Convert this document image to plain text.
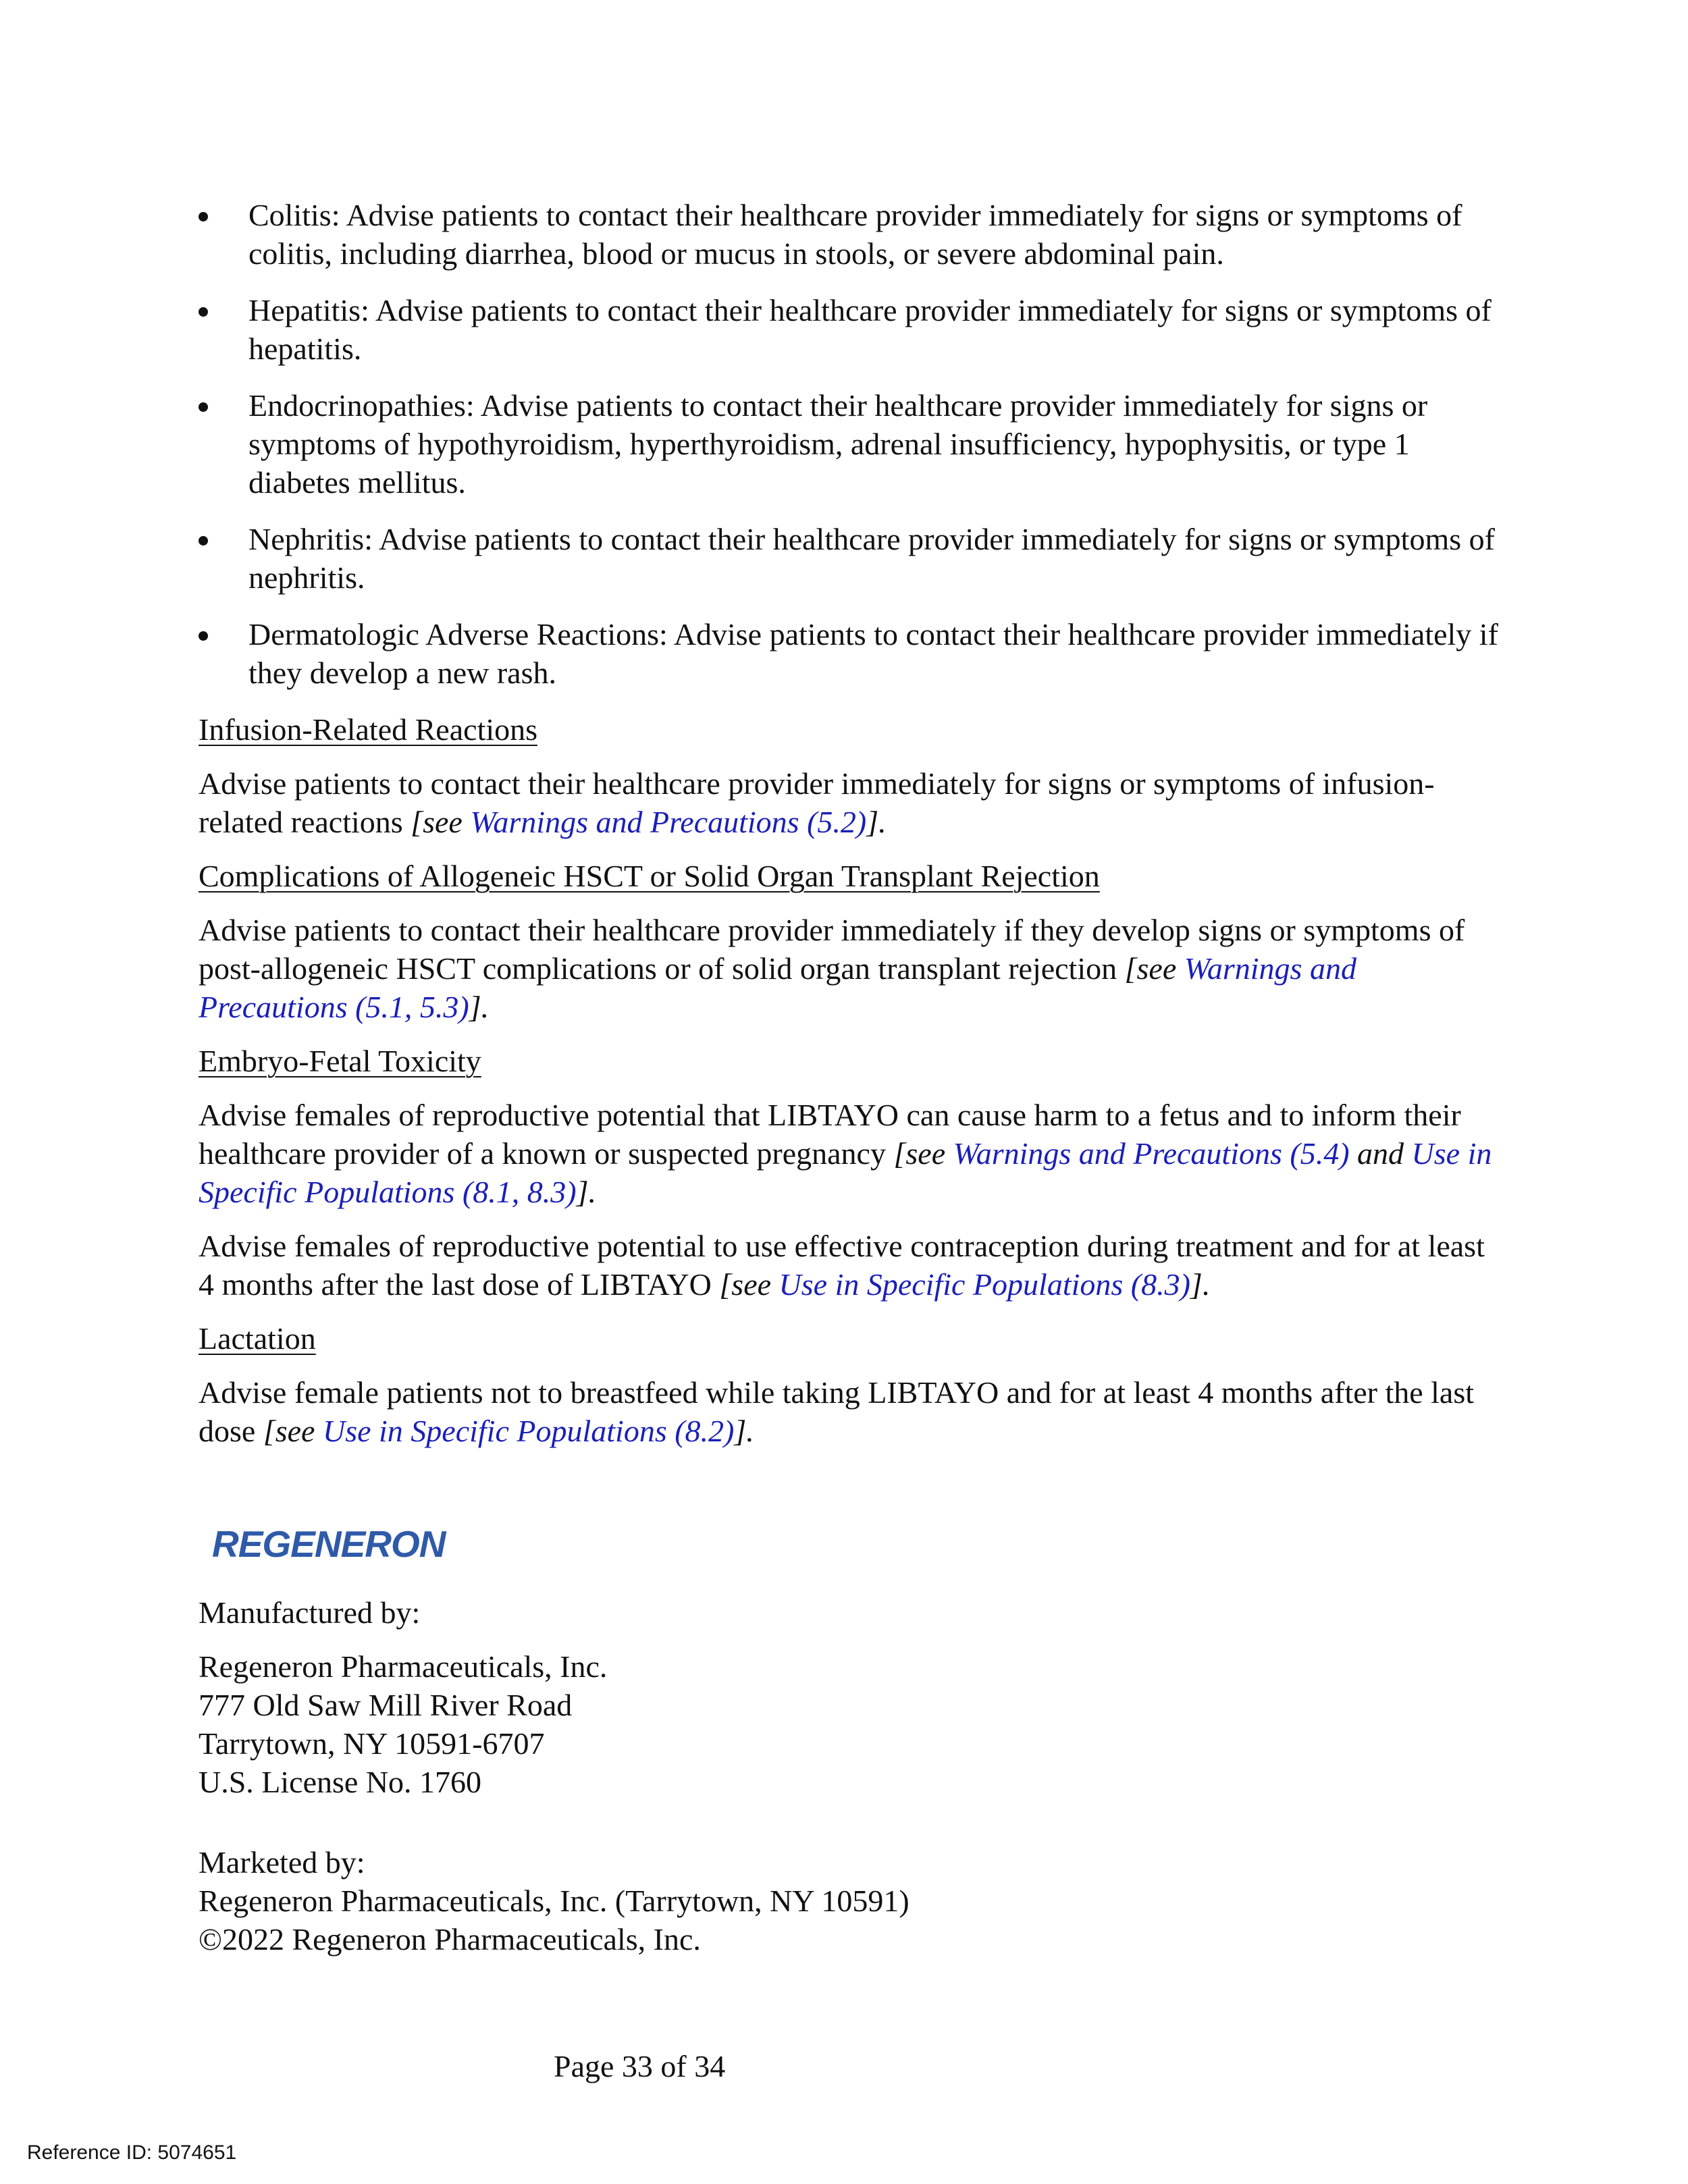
Colitis: Advise patients to contact their healthcare provider immediately for signs or symptoms of colitis, including diarrhea, blood or mucus in stools, or severe abdominal pain.
Hepatitis: Advise patients to contact their healthcare provider immediately for signs or symptoms of hepatitis.
Endocrinopathies: Advise patients to contact their healthcare provider immediately for signs or symptoms of hypothyroidism, hyperthyroidism, adrenal insufficiency, hypophysitis, or type 1 diabetes mellitus.
Nephritis: Advise patients to contact their healthcare provider immediately for signs or symptoms of nephritis.
Dermatologic Adverse Reactions: Advise patients to contact their healthcare provider immediately if they develop a new rash.
Infusion-Related Reactions

Advise patients to contact their healthcare provider immediately for signs or symptoms of infusion-related reactions [see Warnings and Precautions (5.2)].

Complications of Allogeneic HSCT or Solid Organ Transplant Rejection

Advise patients to contact their healthcare provider immediately if they develop signs or symptoms of post-allogeneic HSCT complications or of solid organ transplant rejection [see Warnings and Precautions (5.1, 5.3)].

Embryo-Fetal Toxicity

Advise females of reproductive potential that LIBTAYO can cause harm to a fetus and to inform their healthcare provider of a known or suspected pregnancy [see Warnings and Precautions (5.4) and Use in Specific Populations (8.1, 8.3)].

Advise females of reproductive potential to use effective contraception during treatment and for at least 4 months after the last dose of LIBTAYO [see Use in Specific Populations (8.3)].

Lactation

Advise female patients not to breastfeed while taking LIBTAYO and for at least 4 months after the last dose [see Use in Specific Populations (8.2)].

REGENERON

Manufactured by:

Regeneron Pharmaceuticals, Inc.
777 Old Saw Mill River Road
Tarrytown, NY 10591-6707
U.S. License No. 1760
Marketed by:
Regeneron Pharmaceuticals, Inc. (Tarrytown, NY 10591)
©2022 Regeneron Pharmaceuticals, Inc.
Page 33 of 34
Reference ID: 5074651
